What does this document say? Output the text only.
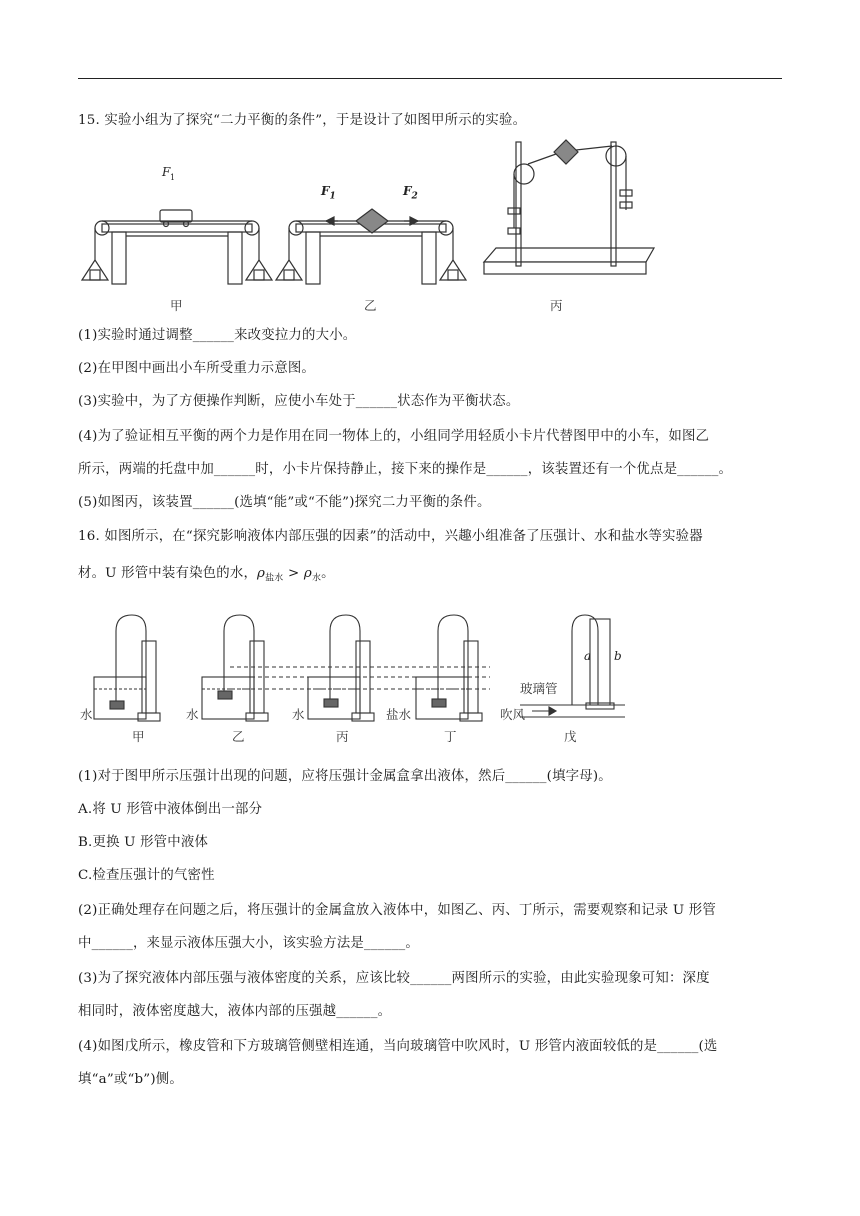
15. 实验小组为了探究“二力平衡的条件”，于是设计了如图甲所示的实验。
F 1
$F_1$	$F_2$
甲	乙	丙
(1)实验时通过调整______来改变拉力的大小。
(2)在甲图中画出小车所受重力示意图。
(3)实验中，为了方便操作判断，应使小车处于______状态作为平衡状态。
(4)为了验证相互平衡的两个力是作用在同一物体上的，小组同学用轻质小卡片代替图甲中的小车，如图乙
所示，两端的托盘中加______时，小卡片保持静止，接下来的操作是______，该装置还有一个优点是______。
(5)如图丙，该装置______(选填“能”或“不能”)探究二力平衡的条件。
16. 如图所示，在“探究影响液体内部压强的因素”的活动中，兴趣小组准备了压强计、水和盐水等实验器
材。U 形管中装有染色的水，$\rho_{盐水} > \rho_水$。
水	水	水	盐水
甲	乙	丙	丁	戊
玻璃管
吹风
a b
(1)对于图甲所示压强计出现的问题，应将压强计金属盒拿出液体，然后______(填字母)。
A.将 U 形管中液体倒出一部分
B.更换 U 形管中液体
C.检查压强计的气密性
(2)正确处理存在问题之后，将压强计的金属盒放入液体中，如图乙、丙、丁所示，需要观察和记录 U 形管
中______，来显示液体压强大小，该实验方法是______。
(3)为了探究液体内部压强与液体密度的关系，应该比较______两图所示的实验，由此实验现象可知：深度
相同时，液体密度越大，液体内部的压强越______。
(4)如图戊所示，橡皮管和下方玻璃管侧壁相连通，当向玻璃管中吹风时，U 形管内液面较低的是______(选
填“a”或“b”)侧。
